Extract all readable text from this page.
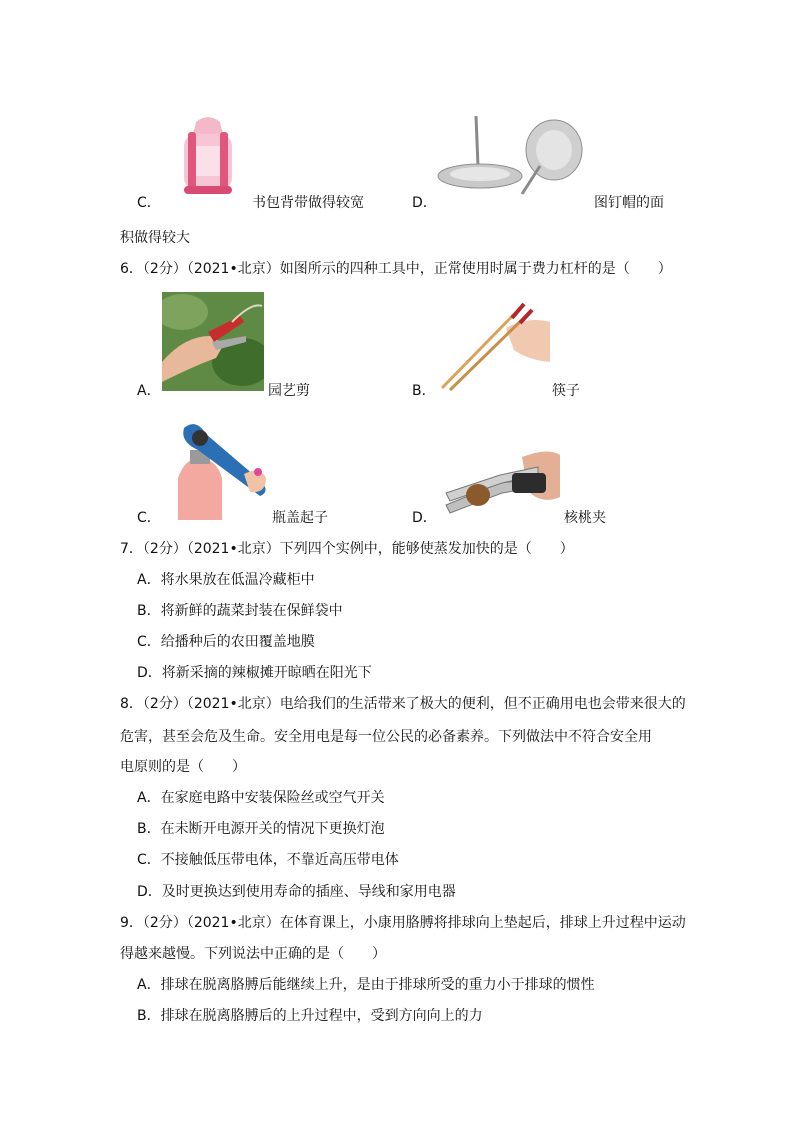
C．	书包背带做得较宽	D．	图钉帽的面
积做得较大
6．（2分）（2021•北京）如图所示的四种工具中，正常使用时属于费力杠杆的是（　　）
A．	园艺剪	B．	筷子
C．	瓶盖起子	D．	核桃夹
7．（2分）（2021•北京）下列四个实例中，能够使蒸发加快的是（　　）
A．将水果放在低温冷藏柜中
B．将新鲜的蔬菜封装在保鲜袋中
C．给播种后的农田覆盖地膜
D．将新采摘的辣椒摊开晾晒在阳光下
8．（2分）（2021•北京）电给我们的生活带来了极大的便利，但不正确用电也会带来很大的
危害，甚至会危及生命。安全用电是每一位公民的必备素养。下列做法中不符合安全用
电原则的是（　　）
A．在家庭电路中安装保险丝或空气开关
B．在未断开电源开关的情况下更换灯泡
C．不接触低压带电体，不靠近高压带电体
D．及时更换达到使用寿命的插座、导线和家用电器
9．（2分）（2021•北京）在体育课上，小康用胳膊将排球向上垫起后，排球上升过程中运动
得越来越慢。下列说法中正确的是（　　）
A．排球在脱离胳膊后能继续上升，是由于排球所受的重力小于排球的惯性
B．排球在脱离胳膊后的上升过程中，受到方向向上的力
